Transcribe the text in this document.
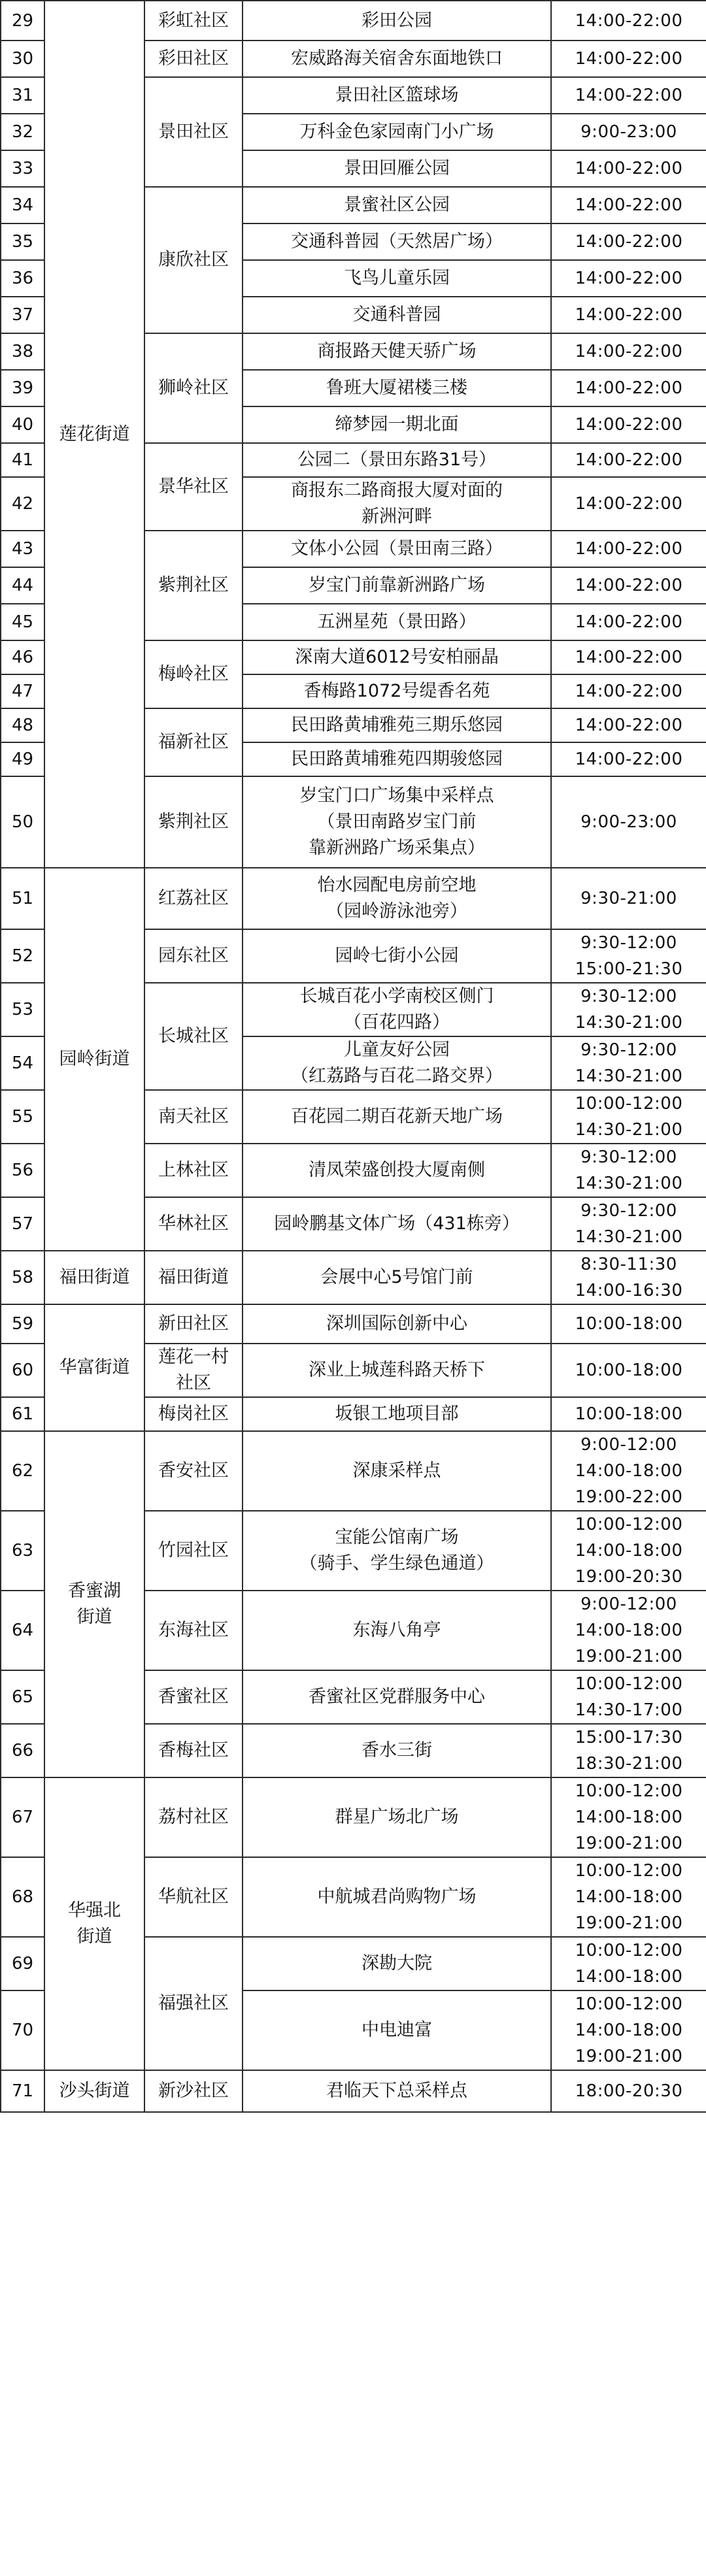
29	莲花街道	彩虹社区	彩田公园	14:00-22:00
30		彩田社区	宏威路海关宿舍东面地铁口	14:00-22:00
31		景田社区	景田社区篮球场	14:00-22:00
32			万科金色家园南门小广场	9:00-23:00
33			景田回雁公园	14:00-22:00
34		康欣社区	景蜜社区公园	14:00-22:00
35			交通科普园（天然居广场）	14:00-22:00
36			飞鸟儿童乐园	14:00-22:00
37			交通科普园	14:00-22:00
38		狮岭社区	商报路天健天骄广场	14:00-22:00
39			鲁班大厦裙楼三楼	14:00-22:00
40			缔梦园一期北面	14:00-22:00
41		景华社区	公园二（景田东路31号）	14:00-22:00
42			商报东二路商报大厦对面的
新洲河畔	14:00-22:00
43		紫荆社区	文体小公园（景田南三路）	14:00-22:00
44			岁宝门前靠新洲路广场	14:00-22:00
45			五洲星苑（景田路）	14:00-22:00
46		梅岭社区	深南大道6012号安柏丽晶	14:00-22:00
47			香梅路1072号缇香名苑	14:00-22:00
48		福新社区	民田路黄埔雅苑三期乐悠园	14:00-22:00
49			民田路黄埔雅苑四期骏悠园	14:00-22:00
50		紫荆社区	岁宝门口广场集中采样点
（景田南路岁宝门前
靠新洲路广场采集点）	9:00-23:00
51	园岭街道	红荔社区	怡水园配电房前空地
（园岭游泳池旁）	9:30-21:00
52		园东社区	园岭七街小公园	9:30-12:00
15:00-21:30
53		长城社区	长城百花小学南校区侧门
（百花四路）	9:30-12:00
14:30-21:00
54			儿童友好公园
（红荔路与百花二路交界）	9:30-12:00
14:30-21:00
55		南天社区	百花园二期百花新天地广场	10:00-12:00
14:30-21:00
56		上林社区	清凤荣盛创投大厦南侧	9:30-12:00
14:30-21:00
57		华林社区	园岭鹏基文体广场（431栋旁）	9:30-12:00
14:30-21:00
58	福田街道	福田街道	会展中心5号馆门前	8:30-11:30
14:00-16:30
59	华富街道	新田社区	深圳国际创新中心	10:00-18:00
60		莲花一村
社区	深业上城莲科路天桥下	10:00-18:00
61		梅岗社区	坂银工地项目部	10:00-18:00
62	香蜜湖
街道	香安社区	深康采样点	9:00-12:00
14:00-18:00
19:00-22:00
63		竹园社区	宝能公馆南广场
（骑手、学生绿色通道）	10:00-12:00
14:00-18:00
19:00-20:30
64		东海社区	东海八角亭	9:00-12:00
14:00-18:00
19:00-21:00
65		香蜜社区	香蜜社区党群服务中心	10:00-12:00
14:30-17:00
66		香梅社区	香水三街	15:00-17:30
18:30-21:00
67	华强北
街道	荔村社区	群星广场北广场	10:00-12:00
14:00-18:00
19:00-21:00
68		华航社区	中航城君尚购物广场	10:00-12:00
14:00-18:00
19:00-21:00
69		福强社区	深勘大院	10:00-12:00
14:00-18:00
70			中电迪富	10:00-12:00
14:00-18:00
19:00-21:00
71	沙头街道	新沙社区	君临天下总采样点	18:00-20:30
